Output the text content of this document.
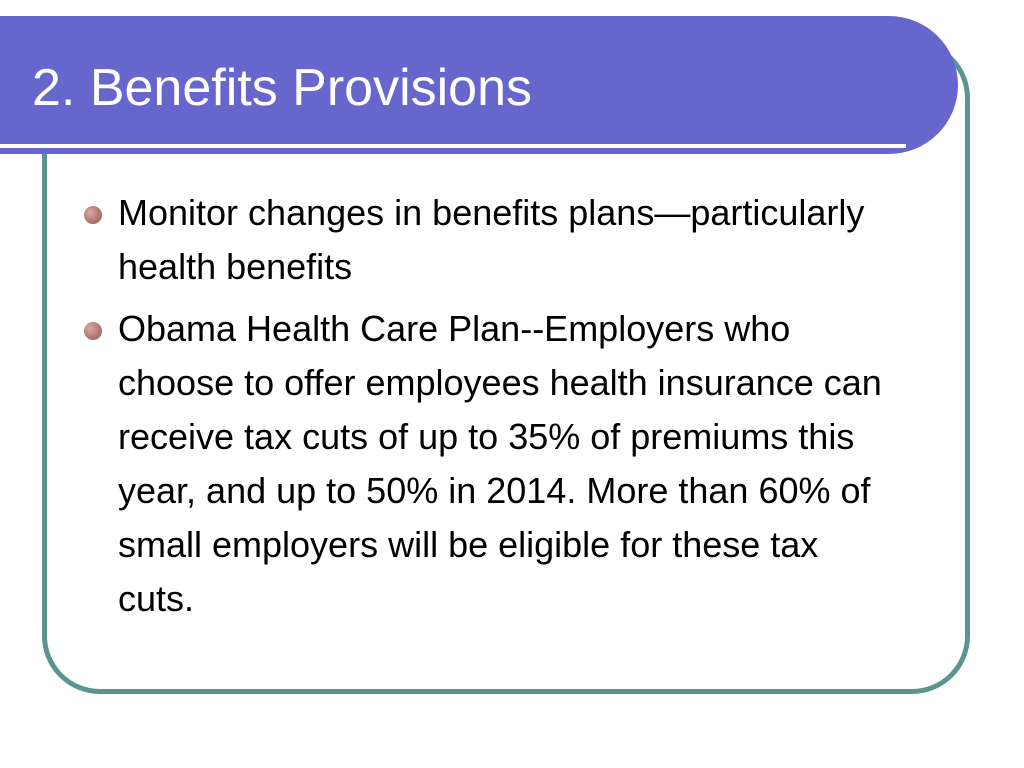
2. Benefits Provisions
Monitor changes in benefits plans—particularly health benefits
Obama Health Care Plan--Employers who choose to offer employees health insurance can receive tax cuts of up to 35% of premiums this year, and up to 50% in 2014. More than 60% of small employers will be eligible for these tax cuts.
